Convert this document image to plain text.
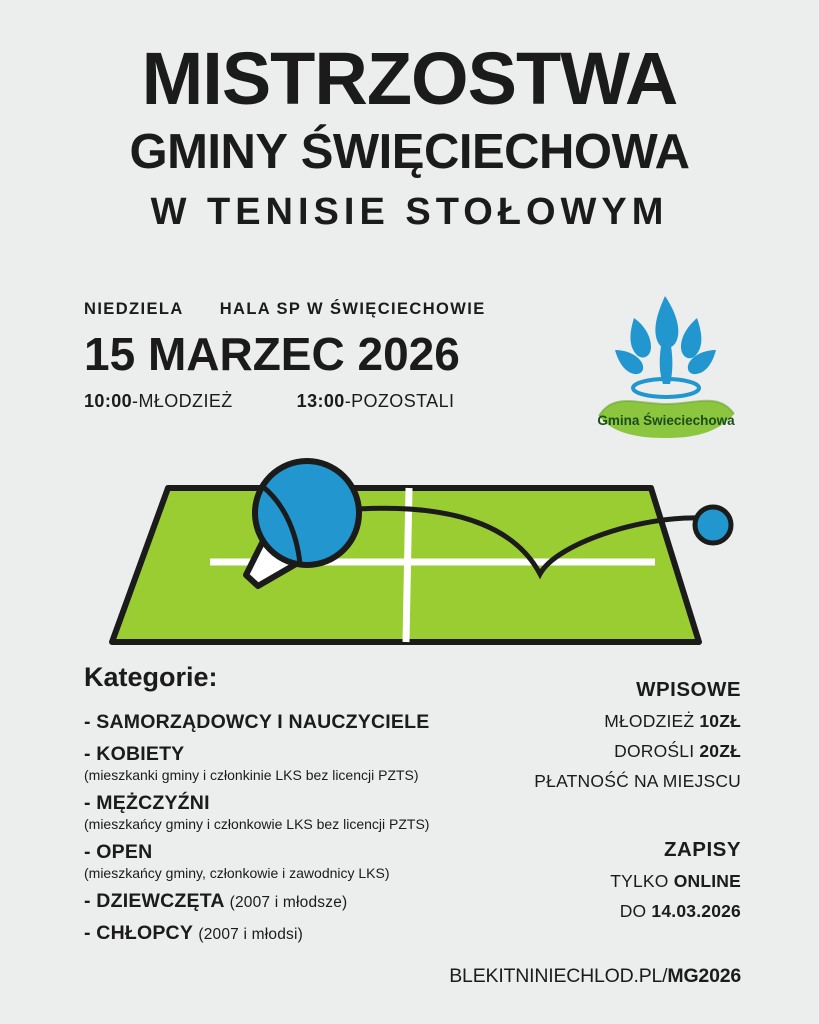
MISTRZOSTWA
GMINY ŚWIĘCIECHOWA
W TENISIE STOŁOWYM
NIEDZIELA HALA SP W ŚWIĘCIECHOWIE
15 MARZEC 2026
10:00-MŁODZIEŻ	13:00-POZOSTALI
Gmina Świeciechowa
Kategorie:
- SAMORZĄDOWCY I NAUCZYCIELE
- KOBIETY
(mieszkanki gminy i członkinie LKS bez licencji PZTS)
- MĘŻCZYŹNI
(mieszkańcy gminy i członkowie LKS bez licencji PZTS)
- OPEN
(mieszkańcy gminy, członkowie i zawodnicy LKS)
- DZIEWCZĘTA (2007 i młodsze)
- CHŁOPCY (2007 i młodsi)
WPISOWE
MŁODZIEŻ 10ZŁ
DOROŚLI 20ZŁ
PŁATNOŚĆ NA MIEJSCU
ZAPISY
TYLKO ONLINE
DO 14.03.2026
BLEKITNINIECHLOD.PL/MG2026
